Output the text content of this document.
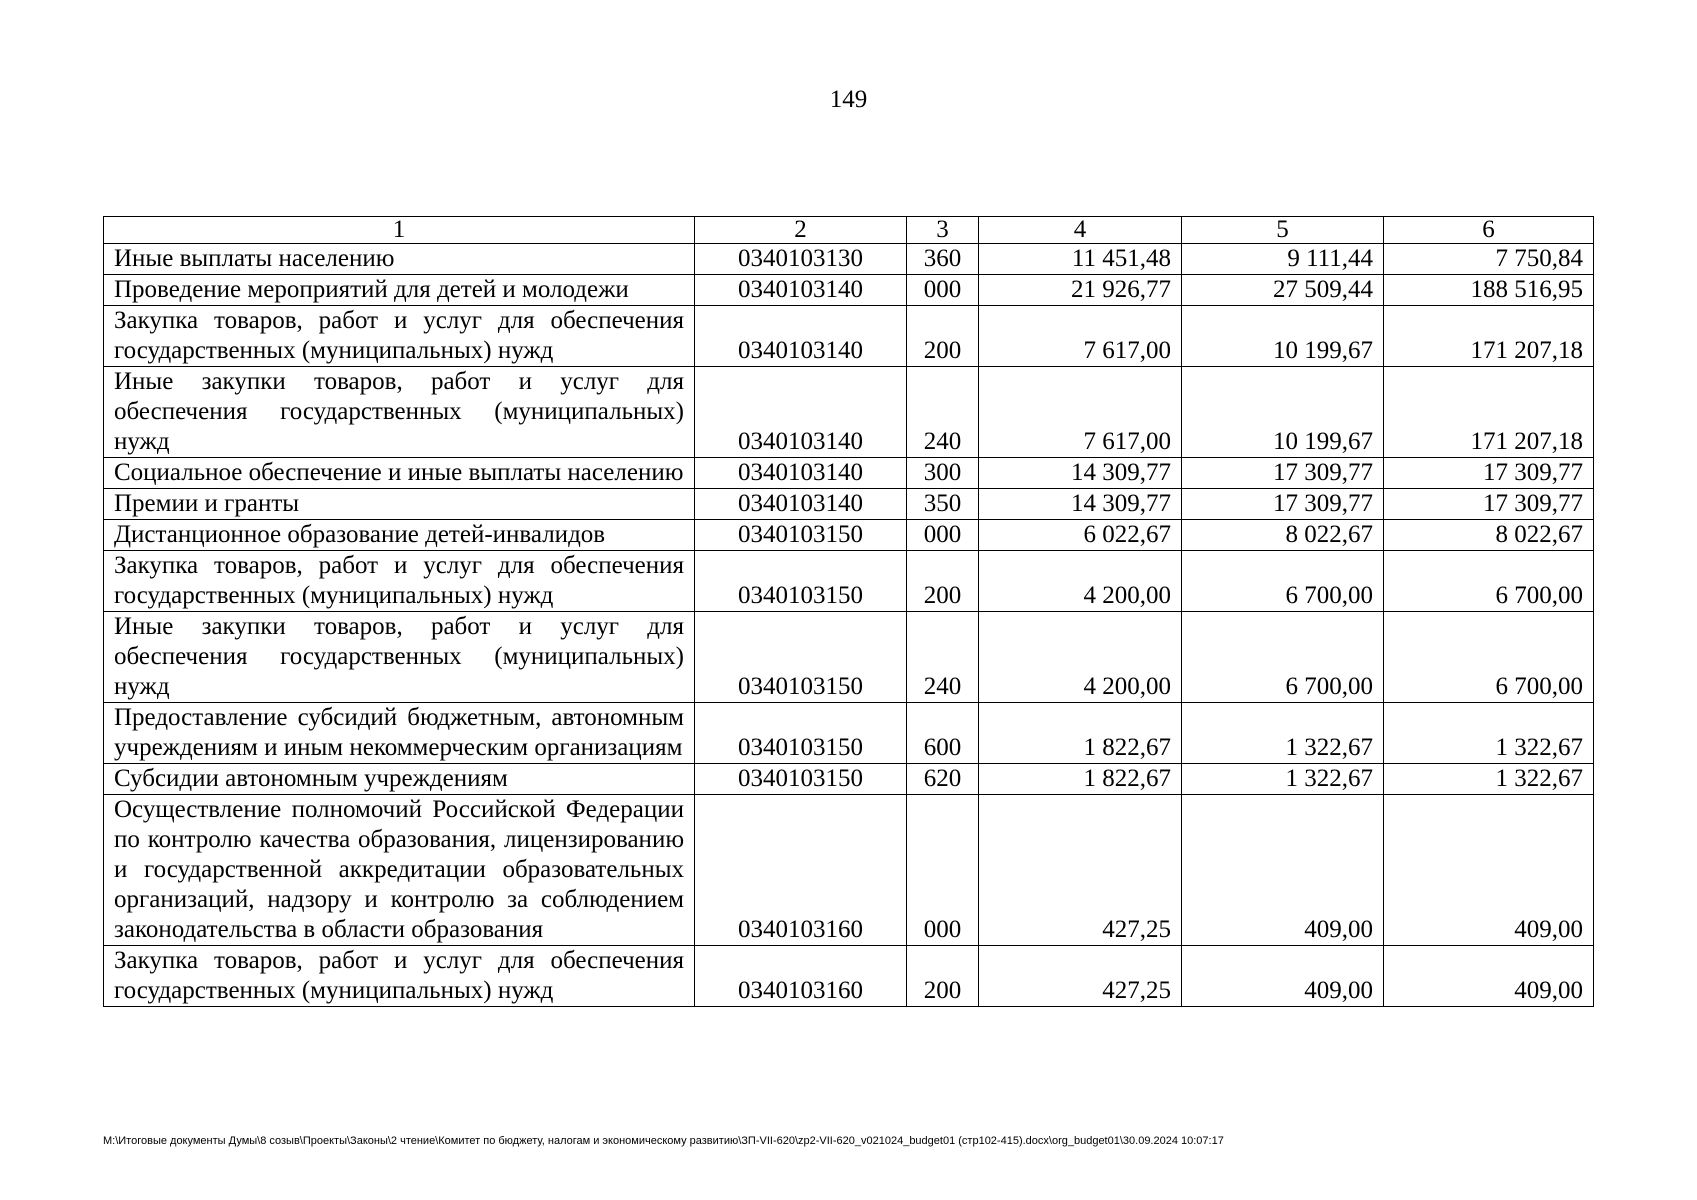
149
1	2	3	4	5	6
Иные выплаты населению	0340103130	360	11 451,48	9 111,44	7 750,84
Проведение мероприятий для детей и молодежи	0340103140	000	21 926,77	27 509,44	188 516,95
Закупка товаров, работ и услуг для обеспечения государственных (муниципальных) нужд	0340103140	200	7 617,00	10 199,67	171 207,18
Иные закупки товаров, работ и услуг для обеспечения государственных (муниципальных) нужд	0340103140	240	7 617,00	10 199,67	171 207,18
Социальное обеспечение и иные выплаты населению	0340103140	300	14 309,77	17 309,77	17 309,77
Премии и гранты	0340103140	350	14 309,77	17 309,77	17 309,77
Дистанционное образование детей-инвалидов	0340103150	000	6 022,67	8 022,67	8 022,67
Закупка товаров, работ и услуг для обеспечения государственных (муниципальных) нужд	0340103150	200	4 200,00	6 700,00	6 700,00
Иные закупки товаров, работ и услуг для обеспечения государственных (муниципальных) нужд	0340103150	240	4 200,00	6 700,00	6 700,00
Предоставление субсидий бюджетным, автономным учреждениям и иным некоммерческим организациям	0340103150	600	1 822,67	1 322,67	1 322,67
Субсидии автономным учреждениям	0340103150	620	1 822,67	1 322,67	1 322,67
Осуществление полномочий Российской Федерации по контролю качества образования, лицензированию и государственной аккредитации образовательных организаций, надзору и контролю за соблюдением законодательства в области образования	0340103160	000	427,25	409,00	409,00
Закупка товаров, работ и услуг для обеспечения государственных (муниципальных) нужд	0340103160	200	427,25	409,00	409,00
M:\Итоговые документы Думы\8 созыв\Проекты\Законы\2 чтение\Комитет по бюджету, налогам и экономическому развитию\ЗП-VII-620\zp2-VII-620_v021024_budget01 (стр102-415).docx\org_budget01\30.09.2024 10:07:17
